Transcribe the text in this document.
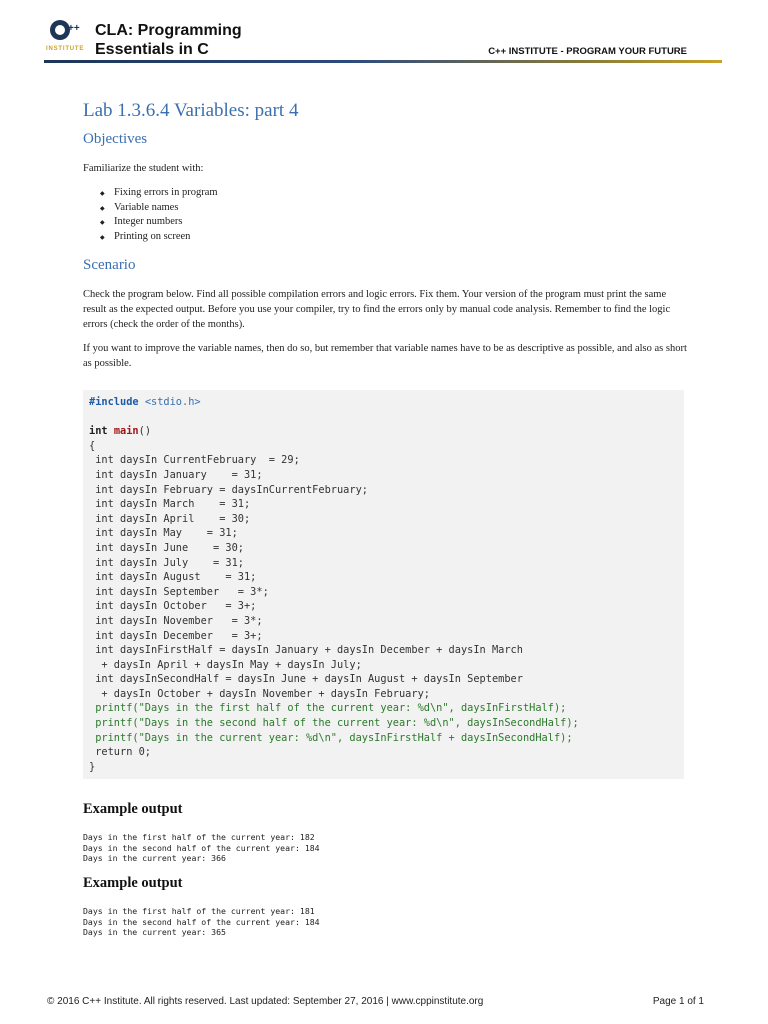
++
INSTITUTE
CLA: Programming
Essentials in C	C++ INSTITUTE - PROGRAM YOUR FUTURE
Lab 1.3.6.4 Variables: part 4
Objectives
Familiarize the student with:
◆ Fixing errors in program
◆ Variable names
◆ Integer numbers
◆ Printing on screen
Scenario
Check the program below. Find all possible compilation errors and logic errors. Fix them. Your version of the program must print the same result as the expected output. Before you use your compiler, try to find the errors only by manual code analysis. Remember to find the logic errors (check the order of the months).
If you want to improve the variable names, then do so, but remember that variable names have to be as descriptive as possible, and also as short as possible.
#include <stdio.h>

int main()
{
int daysIn CurrentFebruary  = 29;
int daysIn January    = 31;
int daysIn February = daysInCurrentFebruary;
int daysIn March    = 31;
int daysIn April    = 30;
int daysIn May    = 31;
int daysIn June    = 30;
int daysIn July    = 31;
int daysIn August    = 31;
int daysIn September   = 3*;
int daysIn October   = 3+;
int daysIn November   = 3*;
int daysIn December   = 3+;
int daysInFirstHalf = daysIn January + daysIn December + daysIn March
+ daysIn April + daysIn May + daysIn July;
int daysInSecondHalf = daysIn June + daysIn August + daysIn September
+ daysIn October + daysIn November + daysIn February;
printf("Days in the first half of the current year: %d\n", daysInFirstHalf);
printf("Days in the second half of the current year: %d\n", daysInSecondHalf);
printf("Days in the current year: %d\n", daysInFirstHalf + daysInSecondHalf);
return 0;
}
Example output
Days in the first half of the current year: 182
Days in the second half of the current year: 184
Days in the current year: 366
Example output
Days in the first half of the current year: 181
Days in the second half of the current year: 184
Days in the current year: 365
© 2016 C++ Institute. All rights reserved. Last updated: September 27, 2016 | www.cppinstitute.org	Page 1 of 1
